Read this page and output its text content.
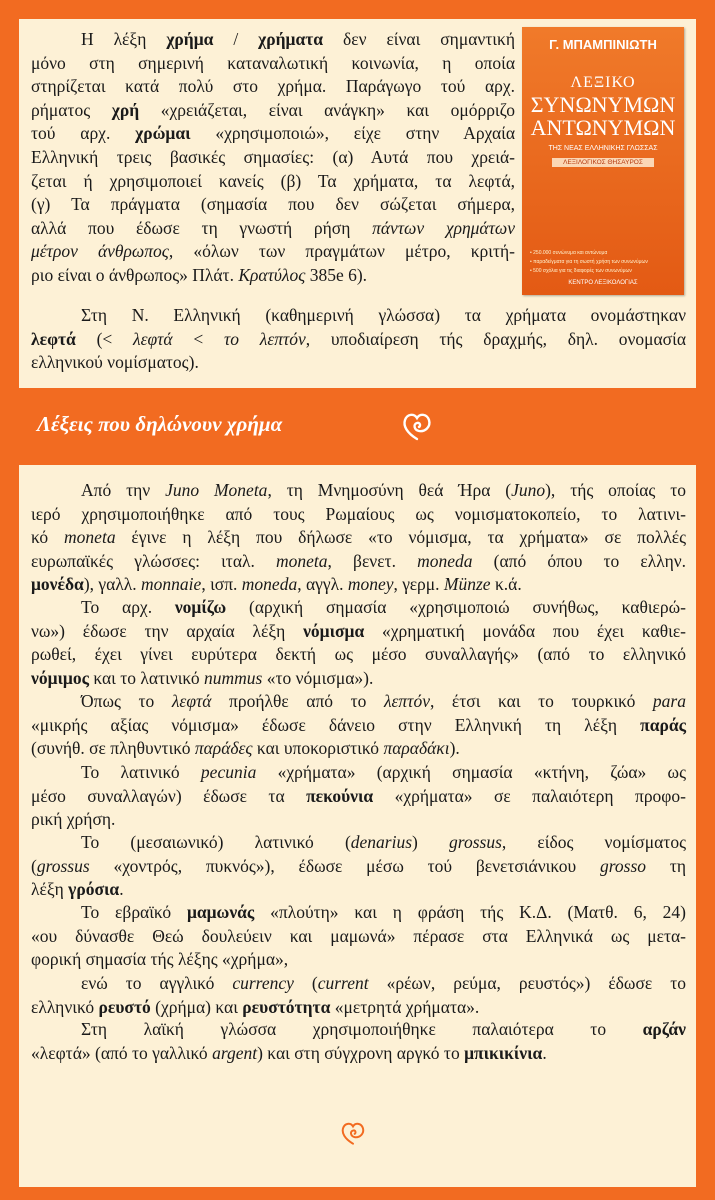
Η λέξη χρήμα / χρήματα δεν είναι σημαντική
μόνο στη σημερινή καταναλωτική κοινωνία, η οποία
στηρίζεται κατά πολύ στο χρήμα. Παράγωγο τού αρχ.
ρήματος χρή «χρειάζεται, είναι ανάγκη» και ομόρριζο
τού αρχ. χρώμαι «χρησιμοποιώ», είχε στην Αρχαία
Ελληνική τρεις βασικές σημασίες: (α) Αυτά που χρειά-
ζεται ή χρησιμοποιεί κανείς (β) Τα χρήματα, τα λεφτά,
(γ) Τα πράγματα (σημασία που δεν σώζεται σήμερα,
αλλά που έδωσε τη γνωστή ρήση πάντων χρημάτων
μέτρον άνθρωπος, «όλων των πραγμάτων μέτρο, κριτή-
ριο είναι ο άνθρωπος» Πλάτ. Κρατύλος 385e 6).

Γ. ΜΠΑΜΠΙΝΙΩΤΗ
ΛΕΞΙΚΟ
ΣΥΝΩΝΥΜΩΝ
ΑΝΤΩΝΥΜΩΝ
ΤΗΣ ΝΕΑΣ ΕΛΛΗΝΙΚΗΣ ΓΛΩΣΣΑΣ
ΛΕΞΙΛΟΓΙΚΟΣ ΘΗΣΑΥΡΟΣ
• 250.000 συνώνυμα και αντώνυμα
• παραδείγματα για τη σωστή χρήση των συνωνύμων
• 500 σχόλια για τις διαφορές των συνωνύμων
ΚΕΝΤΡΟ ΛΕΞΙΚΟΛΟΓΙΑΣ

Στη Ν. Ελληνική (καθημερινή γλώσσα) τα χρήματα ονομάστηκαν
λεφτά (< λεφτά < το λεπτόν, υποδιαίρεση τής δραχμής, δηλ. ονομασία
ελληνικού νομίσματος).

Λέξεις που δηλώνουν χρήμα

Από την Juno Moneta, τη Μνημοσύνη θεά Ήρα (Juno), τής οποίας το
ιερό χρησιμοποιήθηκε από τους Ρωμαίους ως νομισματοκοπείο, το λατινι-
κό moneta έγινε η λέξη που δήλωσε «το νόμισμα, τα χρήματα» σε πολλές
ευρωπαϊκές γλώσσες: ιταλ. moneta, βενετ. moneda (από όπου το ελλην.
μονέδα), γαλλ. monnaie, ισπ. moneda, αγγλ. money, γερμ. Münze κ.ά.

Το αρχ. νομίζω (αρχική σημασία «χρησιμοποιώ συνήθως, καθιερώ-
νω») έδωσε την αρχαία λέξη νόμισμα «χρηματική μονάδα που έχει καθιε-
ρωθεί, έχει γίνει ευρύτερα δεκτή ως μέσο συναλλαγής» (από το ελληνικό
νόμιμος και το λατινικό nummus «το νόμισμα»).

Όπως το λεφτά προήλθε από το λεπτόν, έτσι και το τουρκικό para
«μικρής αξίας νόμισμα» έδωσε δάνειο στην Ελληνική τη λέξη παράς
(συνήθ. σε πληθυντικό παράδες και υποκοριστικό παραδάκι).

Το λατινικό pecunia «χρήματα» (αρχική σημασία «κτήνη, ζώα» ως
μέσο συναλλαγών) έδωσε τα πεκούνια «χρήματα» σε παλαιότερη προφο-
ρική χρήση.

Το (μεσαιωνικό) λατινικό (denarius) grossus, είδος νομίσματος
(grossus «χοντρός, πυκνός»), έδωσε μέσω τού βενετσιάνικου grosso τη
λέξη γρόσια.

Το εβραϊκό μαμωνάς «πλούτη» και η φράση τής Κ.Δ. (Ματθ. 6, 24)
«ου δύνασθε Θεώ δουλεύειν και μαμωνά» πέρασε στα Ελληνικά ως μετα-
φορική σημασία τής λέξης «χρήμα»,

ενώ το αγγλικό currency (current «ρέων, ρεύμα, ρευστός») έδωσε το
ελληνικό ρευστό (χρήμα) και ρευστότητα «μετρητά χρήματα».

Στη λαϊκή γλώσσα χρησιμοποιήθηκε παλαιότερα το αρζάν
«λεφτά» (από το γαλλικό argent) και στη σύγχρονη αργκό το μπικικίνια.
